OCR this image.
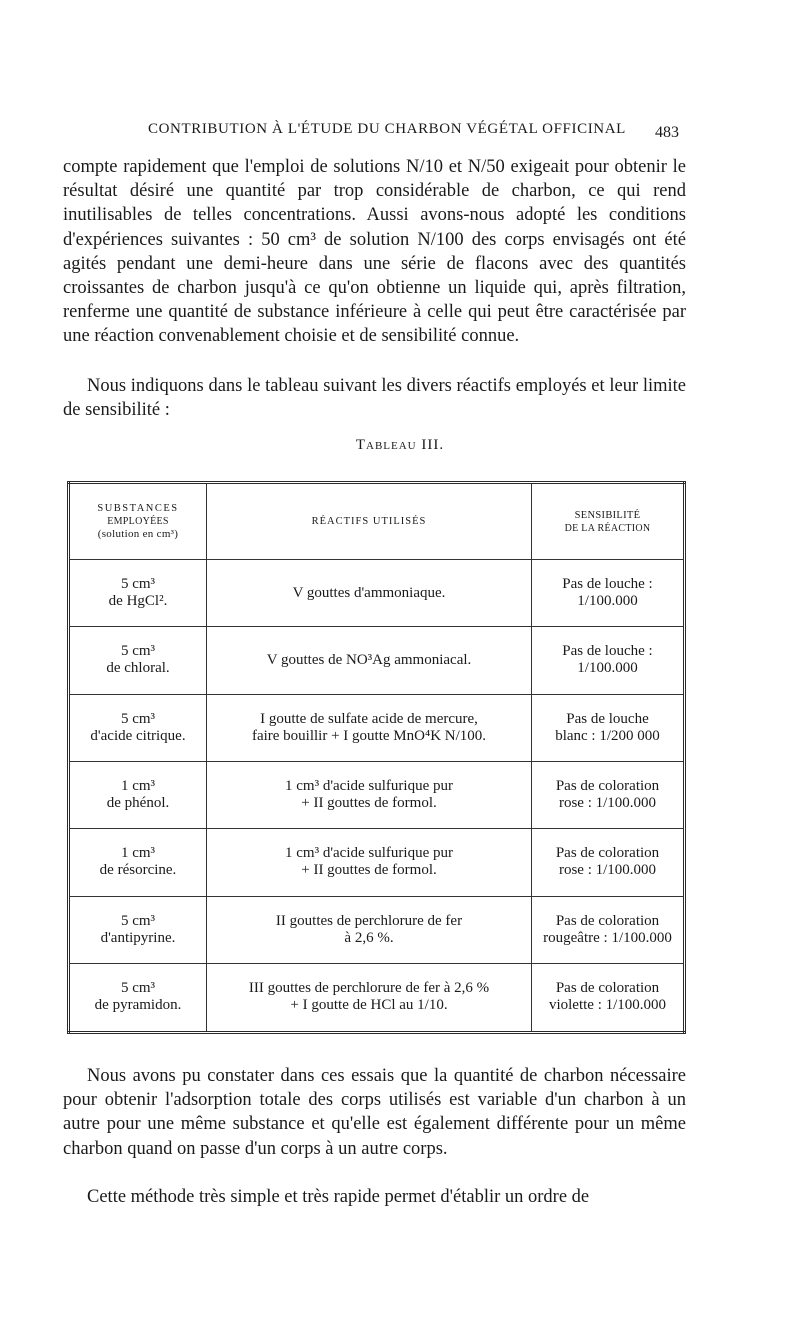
CONTRIBUTION À L'ÉTUDE DU CHARBON VÉGÉTAL OFFICINAL	483

compte rapidement que l'emploi de solutions N/10 et N/50 exigeait pour obtenir le résultat désiré une quantité par trop considérable de charbon, ce qui rend inutilisables de telles concentrations. Aussi avons-nous adopté les conditions d'expériences suivantes : 50 cm³ de solution N/100 des corps envisagés ont été agités pendant une demi-heure dans une série de flacons avec des quantités croissantes de charbon jusqu'à ce qu'on obtienne un liquide qui, après filtration, renferme une quantité de substance inférieure à celle qui peut être caractérisée par une réaction convenablement choisie et de sensibilité connue.

Nous indiquons dans le tableau suivant les divers réactifs employés et leur limite de sensibilité :

Tableau III.
SUBSTANCES
EMPLOYÉES
(solution en cm³)	RÉACTIFS UTILISÉS	SENSIBILITÉ
DE LA RÉACTION

5 cm³
de HgCl².	V gouttes d'ammoniaque.	Pas de louche :
1/100.000

5 cm³
de chloral.	V gouttes de NO³Ag ammoniacal.	Pas de louche :
1/100.000

5 cm³
d'acide citrique.	I goutte de sulfate acide de mercure,
faire bouillir + I goutte MnO⁴K N/100.	Pas de louche
blanc : 1/200 000

1 cm³
de phénol.	1 cm³ d'acide sulfurique pur
+ II gouttes de formol.	Pas de coloration
rose : 1/100.000

1 cm³
de résorcine.	1 cm³ d'acide sulfurique pur
+ II gouttes de formol.	Pas de coloration
rose : 1/100.000

5 cm³
d'antipyrine.	II gouttes de perchlorure de fer
à 2,6 %.	Pas de coloration
rougeâtre : 1/100.000

5 cm³
de pyramidon.	III gouttes de perchlorure de fer à 2,6 %
+ I goutte de HCl au 1/10.	Pas de coloration
violette : 1/100.000

Nous avons pu constater dans ces essais que la quantité de charbon nécessaire pour obtenir l'adsorption totale des corps utilisés est variable d'un charbon à un autre pour une même substance et qu'elle est également différente pour un même charbon quand on passe d'un corps à un autre corps.

Cette méthode très simple et très rapide permet d'établir un ordre de
